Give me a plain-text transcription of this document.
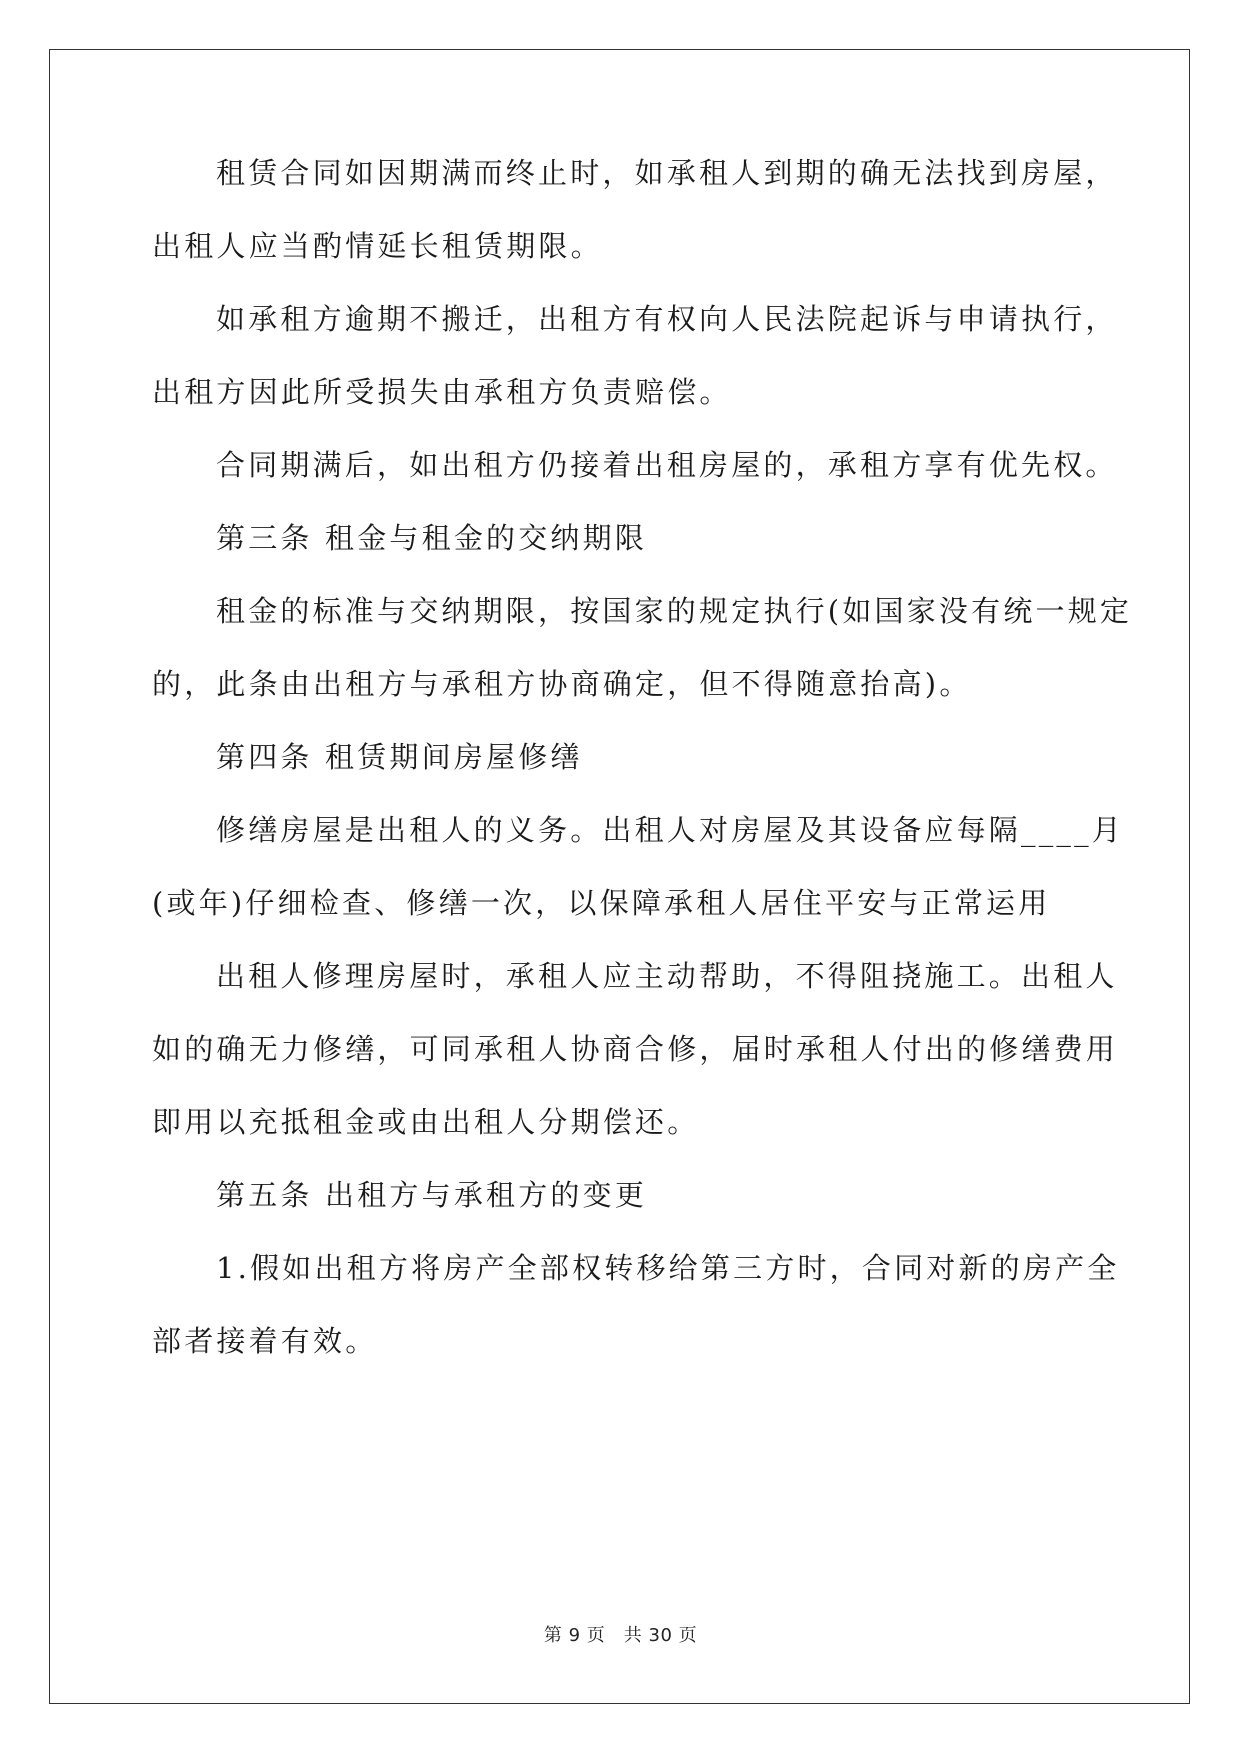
租赁合同如因期满而终止时，如承租人到期的确无法找到房屋，
出租人应当酌情延长租赁期限。
如承租方逾期不搬迁，出租方有权向人民法院起诉与申请执行，
出租方因此所受损失由承租方负责赔偿。
合同期满后，如出租方仍接着出租房屋的，承租方享有优先权。
第三条 租金与租金的交纳期限
租金的标准与交纳期限，按国家的规定执行(如国家没有统一规定
的，此条由出租方与承租方协商确定，但不得随意抬高)。
第四条 租赁期间房屋修缮
修缮房屋是出租人的义务。出租人对房屋及其设备应每隔____月
(或年)仔细检查、修缮一次，以保障承租人居住平安与正常运用
出租人修理房屋时，承租人应主动帮助，不得阻挠施工。出租人
如的确无力修缮，可同承租人协商合修，届时承租人付出的修缮费用
即用以充抵租金或由出租人分期偿还。
第五条 出租方与承租方的变更
1.假如出租方将房产全部权转移给第三方时，合同对新的房产全
部者接着有效。
第 9 页　共 30 页
